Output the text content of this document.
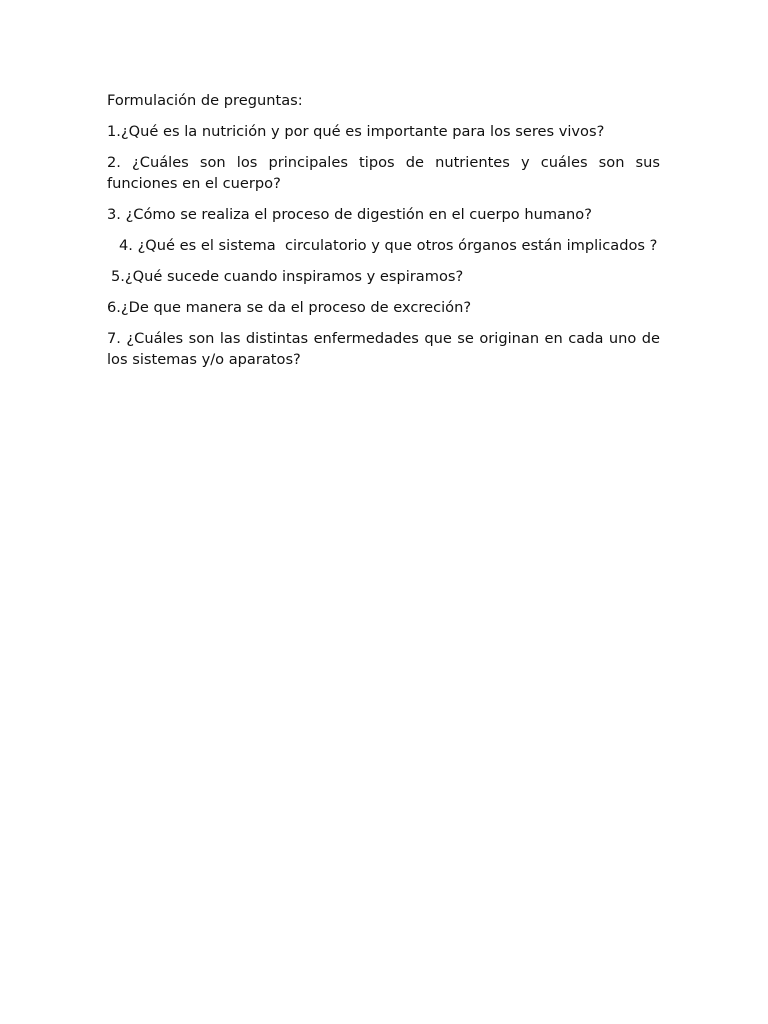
Formulación de preguntas:

1.¿Qué es la nutrición y por qué es importante para los seres vivos?

2. ¿Cuáles son los principales tipos de nutrientes y cuáles son sus funciones en el cuerpo?

3. ¿Cómo se realiza el proceso de digestión en el cuerpo humano?

4. ¿Qué es el sistema  circulatorio y que otros órganos están implicados ?

5.¿Qué sucede cuando inspiramos y espiramos?

6.¿De que manera se da el proceso de excreción?

7. ¿Cuáles son las distintas enfermedades que se originan en cada uno de los sistemas y/o aparatos?
